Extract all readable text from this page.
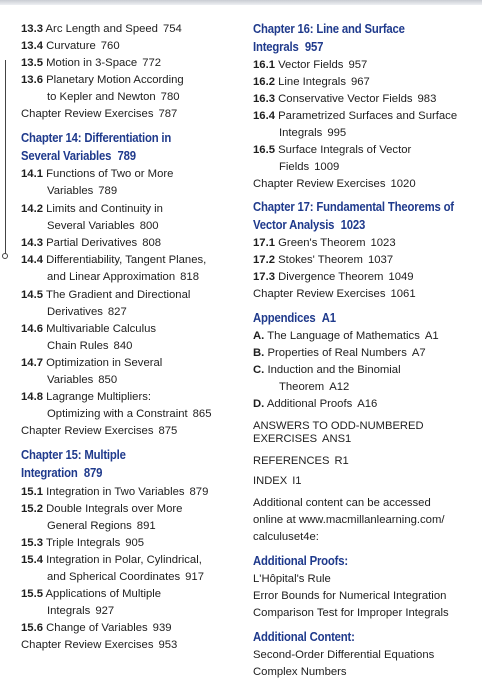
13.3 Arc Length and Speed 754
13.4 Curvature 760
13.5 Motion in 3-Space 772
13.6 Planetary Motion According
to Kepler and Newton 780
Chapter Review Exercises 787
Chapter 14: Differentiation in
Several Variables 789
14.1 Functions of Two or More
Variables 789
14.2 Limits and Continuity in
Several Variables 800
14.3 Partial Derivatives 808
14.4 Differentiability, Tangent Planes,
and Linear Approximation 818
14.5 The Gradient and Directional
Derivatives 827
14.6 Multivariable Calculus
Chain Rules 840
14.7 Optimization in Several
Variables 850
14.8 Lagrange Multipliers:
Optimizing with a Constraint 865
Chapter Review Exercises 875
Chapter 15: Multiple
Integration 879
15.1 Integration in Two Variables 879
15.2 Double Integrals over More
General Regions 891
15.3 Triple Integrals 905
15.4 Integration in Polar, Cylindrical,
and Spherical Coordinates 917
15.5 Applications of Multiple
Integrals 927
15.6 Change of Variables 939
Chapter Review Exercises 953
Chapter 16: Line and Surface
Integrals 957
16.1 Vector Fields 957
16.2 Line Integrals 967
16.3 Conservative Vector Fields 983
16.4 Parametrized Surfaces and Surface
Integrals 995
16.5 Surface Integrals of Vector
Fields 1009
Chapter Review Exercises 1020
Chapter 17: Fundamental Theorems of
Vector Analysis 1023
17.1 Green's Theorem 1023
17.2 Stokes' Theorem 1037
17.3 Divergence Theorem 1049
Chapter Review Exercises 1061
Appendices A1
A. The Language of Mathematics A1
B. Properties of Real Numbers A7
C. Induction and the Binomial
Theorem A12
D. Additional Proofs A16
ANSWERS TO ODD-NUMBERED
EXERCISES ANS1
REFERENCES R1
INDEX I1
Additional content can be accessed
online at www.macmillanlearning.com/
calculuset4e:
Additional Proofs:
L'Hôpital's Rule
Error Bounds for Numerical Integration
Comparison Test for Improper Integrals
Additional Content:
Second-Order Differential Equations
Complex Numbers
